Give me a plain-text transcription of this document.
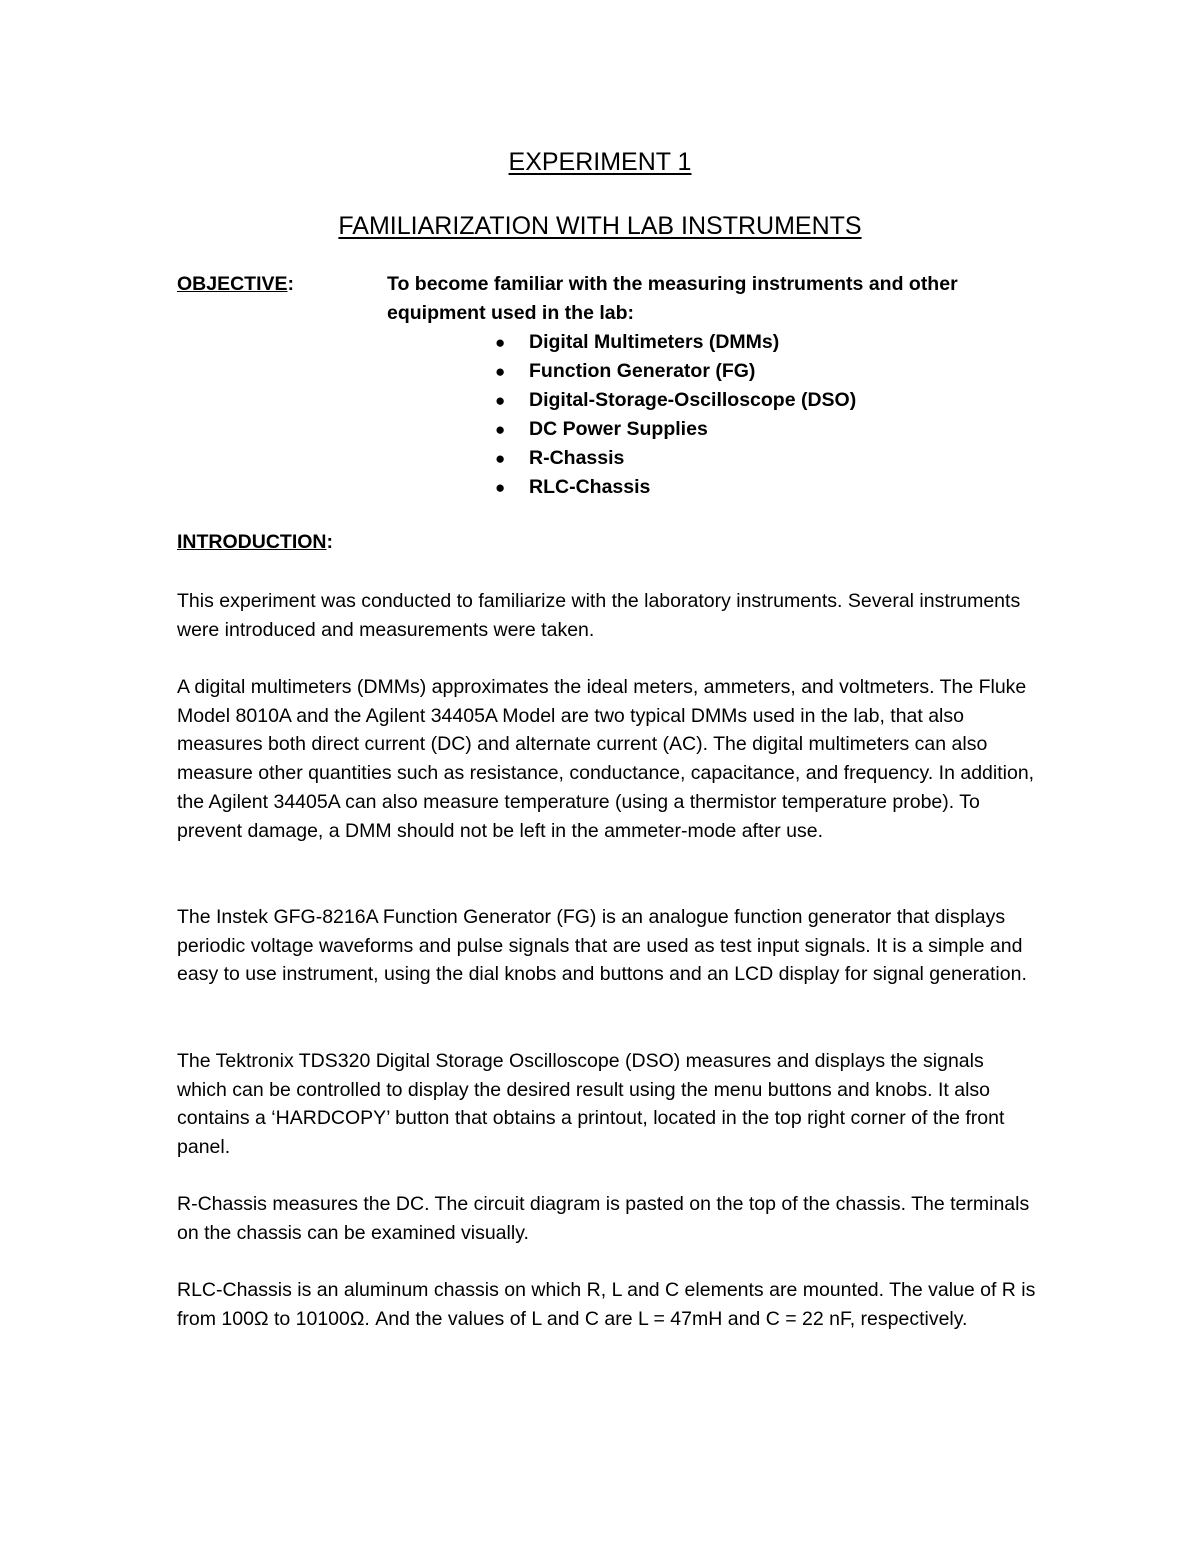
EXPERIMENT 1
FAMILIARIZATION WITH LAB INSTRUMENTS
OBJECTIVE:	To become familiar with the measuring instruments and other equipment used in the lab:
● Digital Multimeters (DMMs)
● Function Generator (FG)
● Digital-Storage-Oscilloscope (DSO)
● DC Power Supplies
● R-Chassis
● RLC-Chassis
INTRODUCTION:

This experiment was conducted to familiarize with the laboratory instruments. Several instruments were introduced and measurements were taken.

A digital multimeters (DMMs) approximates the ideal meters, ammeters, and voltmeters. The Fluke Model 8010A and the Agilent 34405A Model are two typical DMMs used in the lab, that also measures both direct current (DC) and alternate current (AC). The digital multimeters can also measure other quantities such as resistance, conductance, capacitance, and frequency. In addition, the Agilent 34405A can also measure temperature (using a thermistor temperature probe). To prevent damage, a DMM should not be left in the ammeter-mode after use.

The Instek GFG-8216A Function Generator (FG) is an analogue function generator that displays periodic voltage waveforms and pulse signals that are used as test input signals. It is a simple and easy to use instrument, using the dial knobs and buttons and an LCD display for signal generation.

The Tektronix TDS320 Digital Storage Oscilloscope (DSO) measures and displays the signals which can be controlled to display the desired result using the menu buttons and knobs. It also contains a ‘HARDCOPY’ button that obtains a printout, located in the top right corner of the front panel.

R-Chassis measures the DC. The circuit diagram is pasted on the top of the chassis. The terminals on the chassis can be examined visually.

RLC-Chassis is an aluminum chassis on which R, L and C elements are mounted. The value of R is from 100Ω to 10100Ω. And the values of L and C are L = 47mH and C = 22 nF, respectively.
